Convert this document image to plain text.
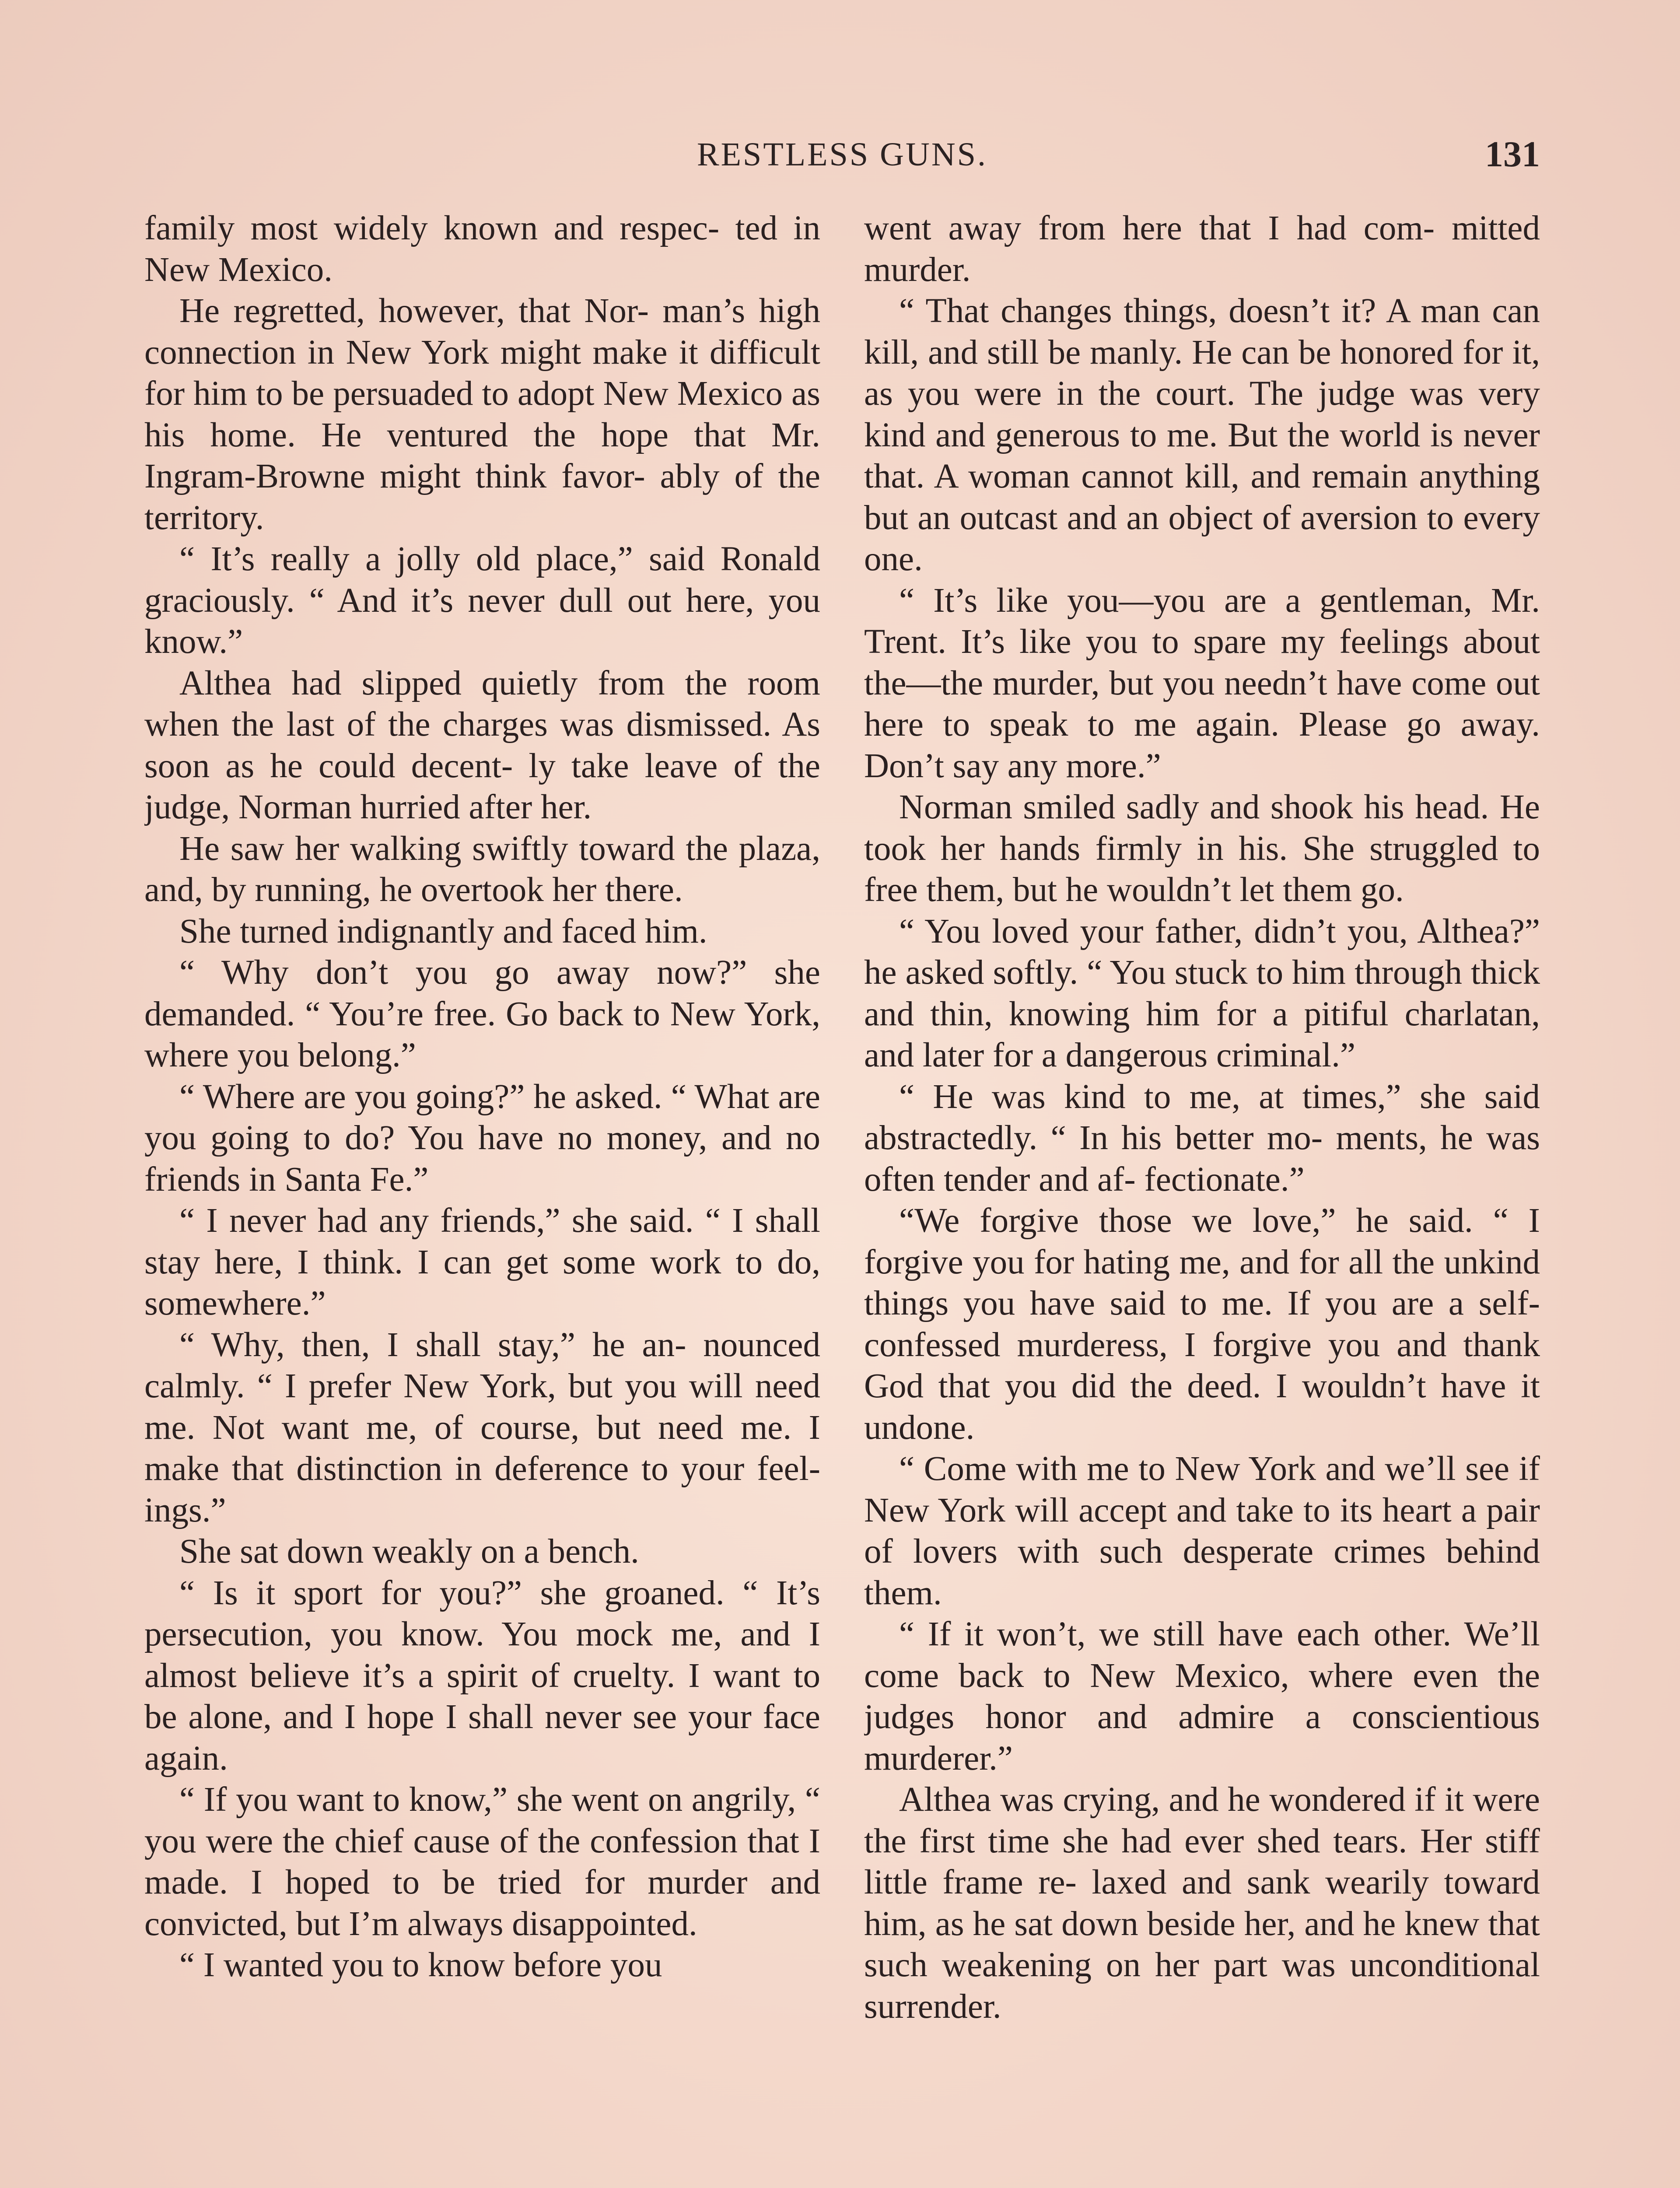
RESTLESS GUNS.	131

family most widely known and respec- ted in New Mexico.

He regretted, however, that Nor- man’s high connection in New York might make it difficult for him to be persuaded to adopt New Mexico as his home. He ventured the hope that Mr. Ingram-Browne might think favor- ably of the territory.

“ It’s really a jolly old place,” said Ronald graciously. “ And it’s never dull out here, you know.”

Althea had slipped quietly from the room when the last of the charges was dismissed. As soon as he could decent- ly take leave of the judge, Norman hurried after her.

He saw her walking swiftly toward the plaza, and, by running, he overtook her there.

She turned indignantly and faced him.

“ Why don’t you go away now?” she demanded. “ You’re free. Go back to New York, where you belong.”

“ Where are you going?” he asked. “ What are you going to do? You have no money, and no friends in Santa Fe.”

“ I never had any friends,” she said. “ I shall stay here, I think. I can get some work to do, somewhere.”

“ Why, then, I shall stay,” he an- nounced calmly. “ I prefer New York, but you will need me. Not want me, of course, but need me. I make that distinction in deference to your feel- ings.”

She sat down weakly on a bench.

“ Is it sport for you?” she groaned. “ It’s persecution, you know. You mock me, and I almost believe it’s a spirit of cruelty. I want to be alone, and I hope I shall never see your face again.

“ If you want to know,” she went on angrily, “ you were the chief cause of the confession that I made. I hoped to be tried for murder and convicted, but I’m always disappointed.

“ I wanted you to know before you

went away from here that I had com- mitted murder.

“ That changes things, doesn’t it? A man can kill, and still be manly. He can be honored for it, as you were in the court. The judge was very kind and generous to me. But the world is never that. A woman cannot kill, and remain anything but an outcast and an object of aversion to every one.

“ It’s like you—you are a gentleman, Mr. Trent. It’s like you to spare my feelings about the—the murder, but you needn’t have come out here to speak to me again. Please go away. Don’t say any more.”

Norman smiled sadly and shook his head. He took her hands firmly in his. She struggled to free them, but he wouldn’t let them go.

“ You loved your father, didn’t you, Althea?” he asked softly. “ You stuck to him through thick and thin, knowing him for a pitiful charlatan, and later for a dangerous criminal.”

“ He was kind to me, at times,” she said abstractedly. “ In his better mo- ments, he was often tender and af- fectionate.”

“We forgive those we love,” he said. “ I forgive you for hating me, and for all the unkind things you have said to me. If you are a self-confessed murderess, I forgive you and thank God that you did the deed. I wouldn’t have it undone.

“ Come with me to New York and we’ll see if New York will accept and take to its heart a pair of lovers with such desperate crimes behind them.

“ If it won’t, we still have each other. We’ll come back to New Mexico, where even the judges honor and admire a conscientious murderer.”

Althea was crying, and he wondered if it were the first time she had ever shed tears. Her stiff little frame re- laxed and sank wearily toward him, as he sat down beside her, and he knew that such weakening on her part was unconditional surrender.
